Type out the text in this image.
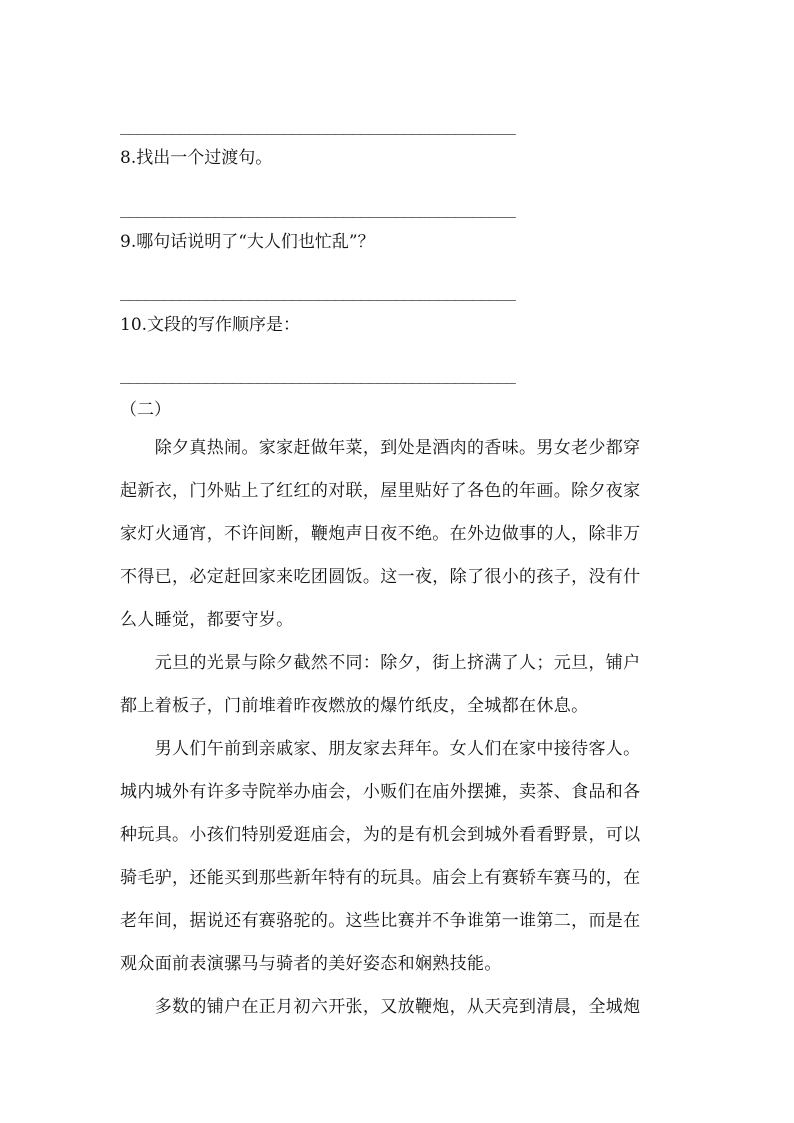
______________________________________________
8.找出一个过渡句。
______________________________________________
9.哪句话说明了“大人们也忙乱”？
______________________________________________
10.文段的写作顺序是：
______________________________________________
（二）
　　除夕真热闹。家家赶做年菜，到处是酒肉的香味。男女老少都穿
起新衣，门外贴上了红红的对联，屋里贴好了各色的年画。除夕夜家
家灯火通宵，不许间断，鞭炮声日夜不绝。在外边做事的人，除非万
不得已，必定赶回家来吃团圆饭。这一夜，除了很小的孩子，没有什
么人睡觉，都要守岁。
　　元旦的光景与除夕截然不同：除夕，街上挤满了人；元旦，铺户
都上着板子，门前堆着昨夜燃放的爆竹纸皮，全城都在休息。
　　男人们午前到亲戚家、朋友家去拜年。女人们在家中接待客人。
城内城外有许多寺院举办庙会，小贩们在庙外摆摊，卖茶、食品和各
种玩具。小孩们特别爱逛庙会，为的是有机会到城外看看野景，可以
骑毛驴，还能买到那些新年特有的玩具。庙会上有赛轿车赛马的，在
老年间，据说还有赛骆驼的。这些比赛并不争谁第一谁第二，而是在
观众面前表演骡马与骑者的美好姿态和娴熟技能。
　　多数的铺户在正月初六开张，又放鞭炮，从天亮到清晨，全城炮
